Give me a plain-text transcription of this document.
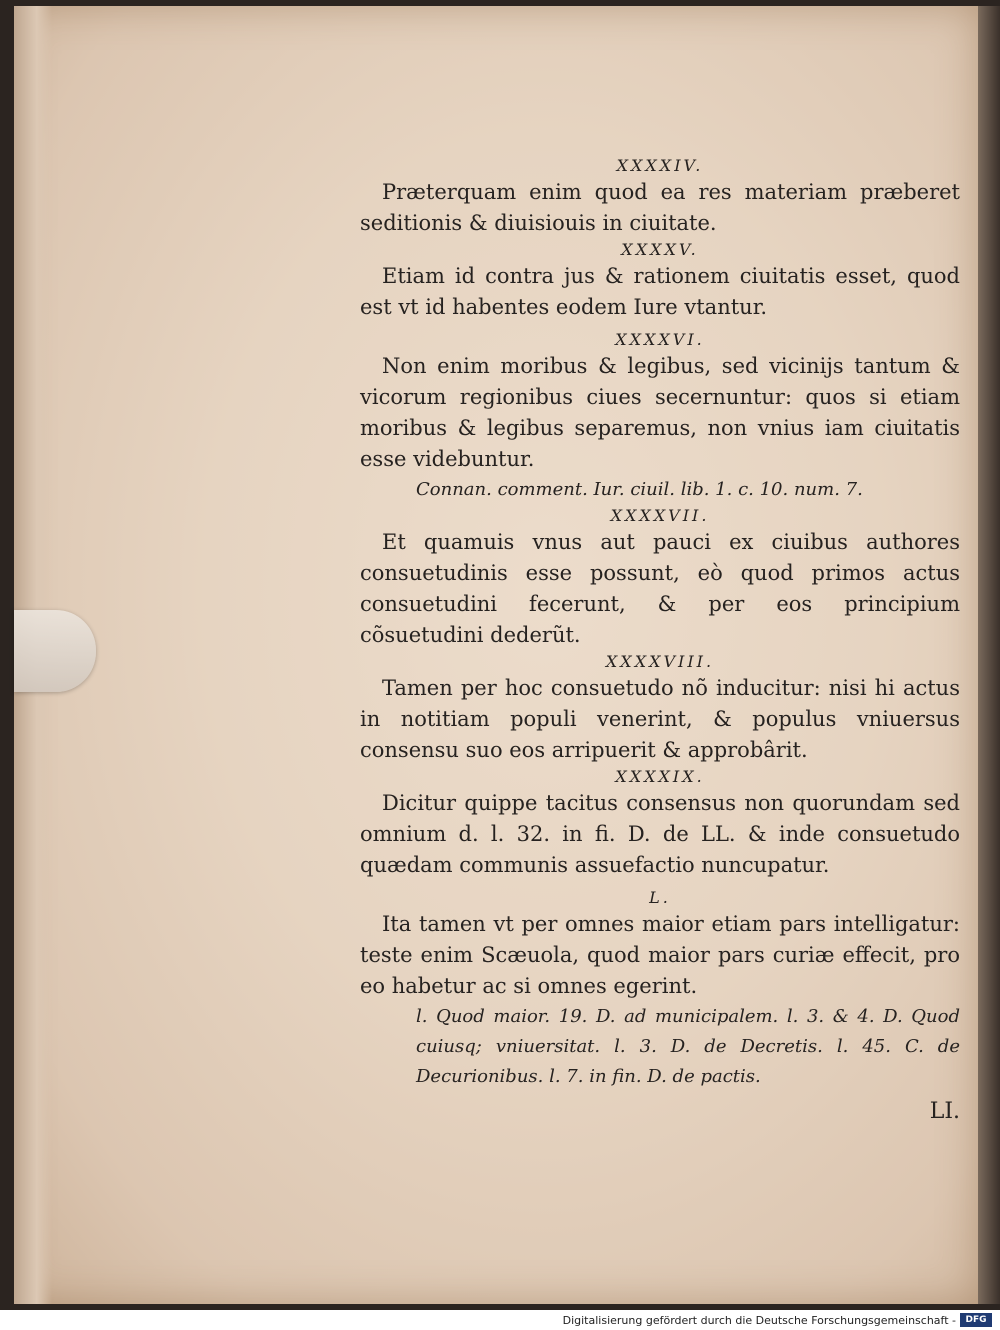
XXXXIV.

Præterquam enim quod ea res materiam præberet seditionis & diuisiouis in ciuitate.

XXXXV.

Etiam id contra jus & rationem ciuitatis esset, quod est vt id habentes eodem Iure vtantur.

XXXXVI.

Non enim moribus & legibus, sed vicinijs tantum & vicorum regionibus ciues secernuntur: quos si etiam moribus & legibus separemus, non vnius iam ciuitatis esse videbuntur.

Connan. comment. Iur. ciuil. lib. 1. c. 10. num. 7.

XXXXVII.

Et quamuis vnus aut pauci ex ciuibus authores consuetudinis esse possunt, eò quod primos actus consuetudini fecerunt, & per eos principium cõsuetudini dederũt.

XXXXVIII.

Tamen per hoc consuetudo nõ inducitur: nisi hi actus in notitiam populi venerint, & populus vniuersus consensu suo eos arripuerit & approbârit.

XXXXIX.

Dicitur quippe tacitus consensus non quorundam sed omnium d. l. 32. in fi. D. de LL. & inde consuetudo quædam communis assuefactio nuncupatur.

L.

Ita tamen vt per omnes maior etiam pars intelligatur: teste enim Scæuola, quod maior pars curiæ effecit, pro eo habetur ac si omnes egerint.

l. Quod maior. 19. D. ad municipalem. l. 3. & 4. D. Quod cuiusq; vniuersitat. l. 3. D. de Decretis. l. 45. C. de Decurionibus. l. 7. in fin. D. de pactis.

LI.

Digitalisierung gefördert durch die Deutsche Forschungsgemeinschaft -	DFG
